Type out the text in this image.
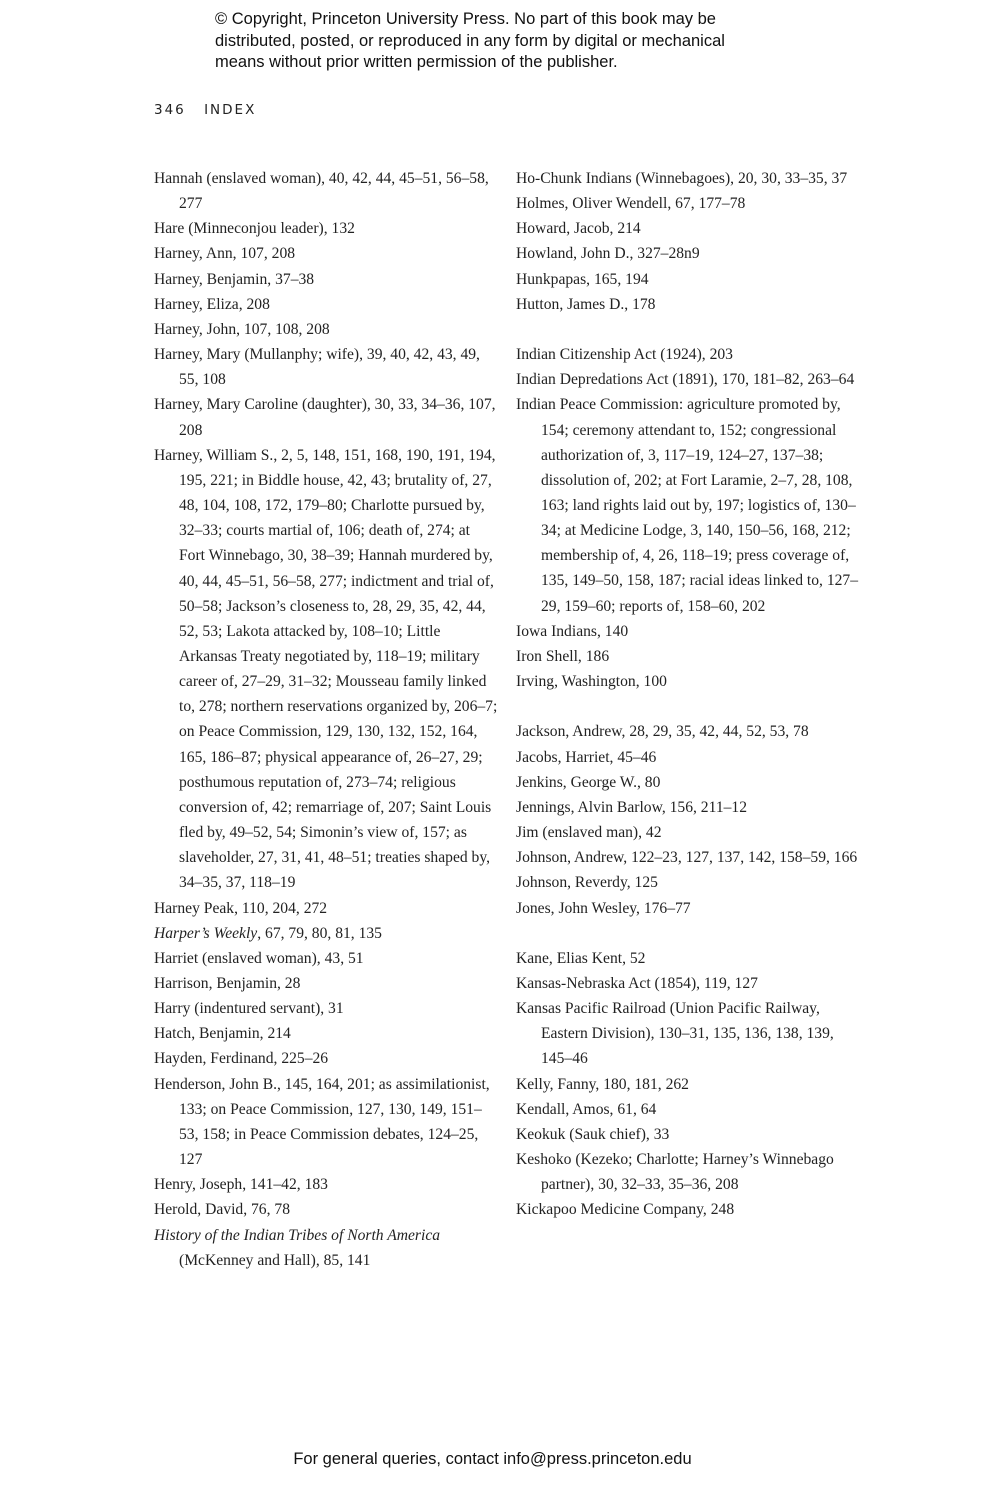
© Copyright, Princeton University Press. No part of this book may be
distributed, posted, or reproduced in any form by digital or mechanical
means without prior written permission of the publisher.
346 INDEX
Hannah (enslaved woman), 40, 42, 44, 45–51, 56–58, 277
Hare (Minneconjou leader), 132
Harney, Ann, 107, 208
Harney, Benjamin, 37–38
Harney, Eliza, 208
Harney, John, 107, 108, 208
Harney, Mary (Mullanphy; wife), 39, 40, 42, 43, 49, 55, 108
Harney, Mary Caroline (daughter), 30, 33, 34–36, 107, 208
Harney, William S., 2, 5, 148, 151, 168, 190, 191, 194, 195, 221; in Biddle house, 42, 43; brutality of, 27, 48, 104, 108, 172, 179–80; Charlotte pursued by, 32–33; courts martial of, 106; death of, 274; at Fort Winnebago, 30, 38–39; Hannah murdered by, 40, 44, 45–51, 56–58, 277; indictment and trial of, 50–58; Jackson’s closeness to, 28, 29, 35, 42, 44, 52, 53; Lakota attacked by, 108–10; Little Arkansas Treaty negotiated by, 118–19; military career of, 27–29, 31–32; Mousseau family linked to, 278; northern reservations organized by, 206–7; on Peace Commission, 129, 130, 132, 152, 164, 165, 186–87; physical appearance of, 26–27, 29; posthumous reputation of, 273–74; religious conversion of, 42; remarriage of, 207; Saint Louis fled by, 49–52, 54; Simonin’s view of, 157; as slaveholder, 27, 31, 41, 48–51; treaties shaped by, 34–35, 37, 118–19
Harney Peak, 110, 204, 272
Harper’s Weekly, 67, 79, 80, 81, 135
Harriet (enslaved woman), 43, 51
Harrison, Benjamin, 28
Harry (indentured servant), 31
Hatch, Benjamin, 214
Hayden, Ferdinand, 225–26
Henderson, John B., 145, 164, 201; as assimilationist, 133; on Peace Commission, 127, 130, 149, 151–53, 158; in Peace Commission debates, 124–25, 127
Henry, Joseph, 141–42, 183
Herold, David, 76, 78
History of the Indian Tribes of North America (McKenney and Hall), 85, 141
Ho-Chunk Indians (Winnebagoes), 20, 30, 33–35, 37
Holmes, Oliver Wendell, 67, 177–78
Howard, Jacob, 214
Howland, John D., 327–28n9
Hunkpapas, 165, 194
Hutton, James D., 178
Indian Citizenship Act (1924), 203
Indian Depredations Act (1891), 170, 181–82, 263–64
Indian Peace Commission: agriculture promoted by, 154; ceremony attendant to, 152; congressional authorization of, 3, 117–19, 124–27, 137–38; dissolution of, 202; at Fort Laramie, 2–7, 28, 108, 163; land rights laid out by, 197; logistics of, 130–34; at Medicine Lodge, 3, 140, 150–56, 168, 212; membership of, 4, 26, 118–19; press coverage of, 135, 149–50, 158, 187; racial ideas linked to, 127–29, 159–60; reports of, 158–60, 202
Iowa Indians, 140
Iron Shell, 186
Irving, Washington, 100
Jackson, Andrew, 28, 29, 35, 42, 44, 52, 53, 78
Jacobs, Harriet, 45–46
Jenkins, George W., 80
Jennings, Alvin Barlow, 156, 211–12
Jim (enslaved man), 42
Johnson, Andrew, 122–23, 127, 137, 142, 158–59, 166
Johnson, Reverdy, 125
Jones, John Wesley, 176–77
Kane, Elias Kent, 52
Kansas-Nebraska Act (1854), 119, 127
Kansas Pacific Railroad (Union Pacific Railway, Eastern Division), 130–31, 135, 136, 138, 139, 145–46
Kelly, Fanny, 180, 181, 262
Kendall, Amos, 61, 64
Keokuk (Sauk chief), 33
Keshoko (Kezeko; Charlotte; Harney’s Winnebago partner), 30, 32–33, 35–36, 208
Kickapoo Medicine Company, 248
For general queries, contact info@press.princeton.edu
